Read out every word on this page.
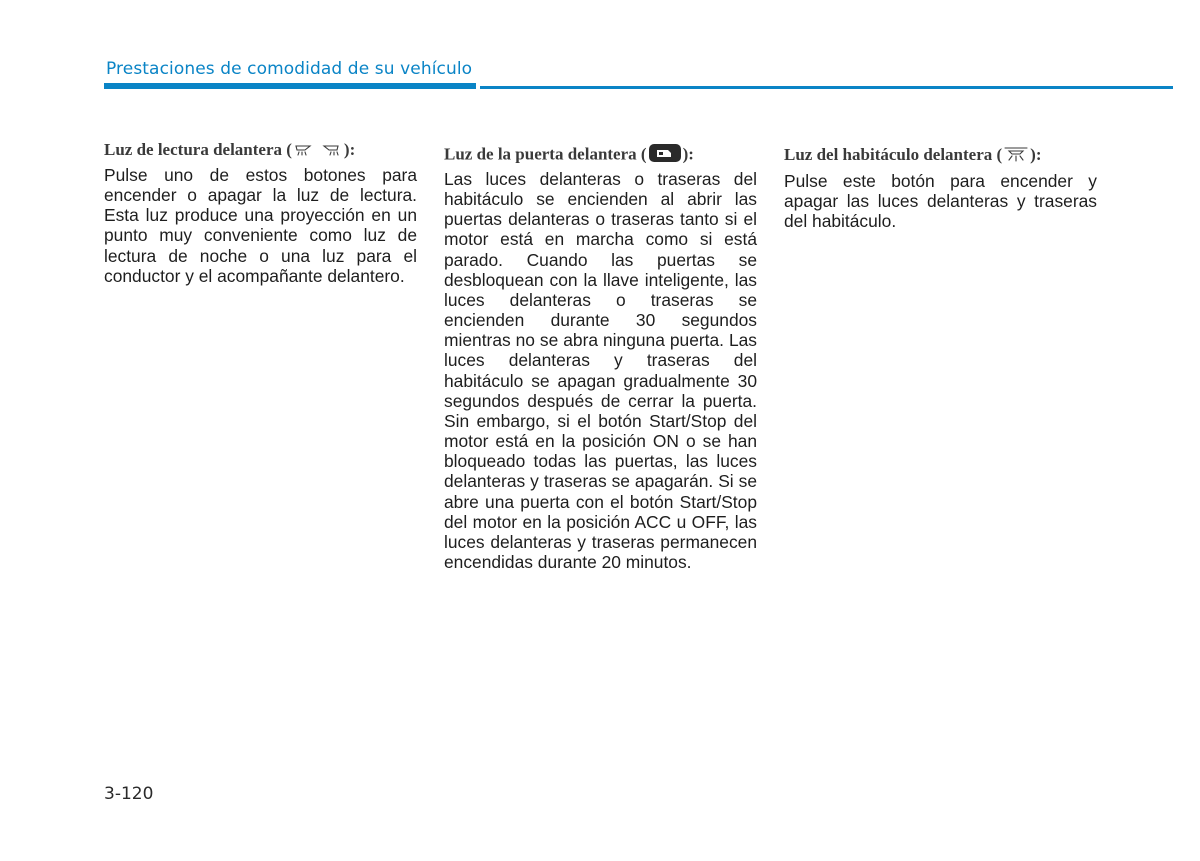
Prestaciones de comodidad de su vehículo
Luz de lectura delantera (	):

Pulse uno de estos botones para encender o apagar la luz de lectura. Esta luz produce una proyección en un punto muy conveniente como luz de lectura de noche o una luz para el conductor y el acompañante delantero.

Luz de la puerta delantera ( ):

Las luces delanteras o traseras del habitáculo se encienden al abrir las puertas delanteras o traseras tanto si el motor está en marcha como si está parado. Cuando las puertas se desbloquean con la llave inteligente, las luces delanteras o traseras se encienden durante 30 segundos mientras no se abra ninguna puerta. Las luces delanteras y traseras del habitáculo se apagan gradualmente 30 segundos después de cerrar la puerta. Sin embargo, si el botón Start/Stop del motor está en la posición ON o se han bloqueado todas las puertas, las luces delanteras y traseras se apagarán. Si se abre una puerta con el botón Start/Stop del motor en la posición ACC u OFF, las luces delanteras y traseras permanecen encendidas durante 20 minutos.

Luz del habitáculo delantera ( ):

Pulse este botón para encender y apagar las luces delanteras y traseras del habitáculo.

3-120
